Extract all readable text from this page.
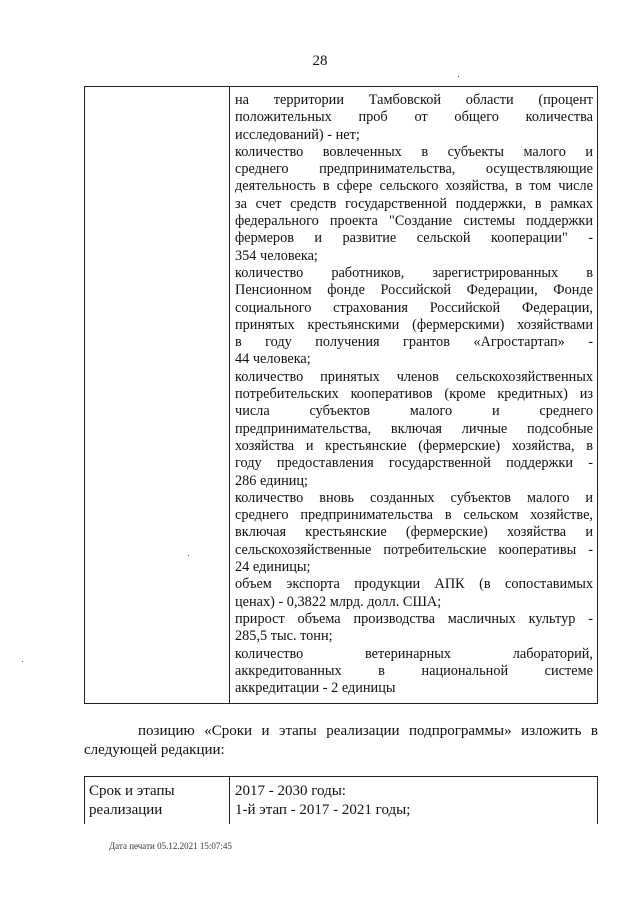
28
на территории Тамбовской области (процент
положительных проб от общего количества
исследований) - нет;
количество вовлеченных в субъекты малого и
среднего предпринимательства, осуществляющие
деятельность в сфере сельского хозяйства, в том числе
за счет средств государственной поддержки, в рамках
федерального проекта "Создание системы поддержки
фермеров и развитие сельской кооперации" -
354 человека;
количество работников, зарегистрированных в
Пенсионном фонде Российской Федерации, Фонде
социального страхования Российской Федерации,
принятых крестьянскими (фермерскими) хозяйствами
в году получения грантов «Агростартап» -
44 человека;
количество принятых членов сельскохозяйственных
потребительских кооперативов (кроме кредитных) из
числа субъектов малого и среднего
предпринимательства, включая личные подсобные
хозяйства и крестьянские (фермерские) хозяйства, в
году предоставления государственной поддержки -
286 единиц;
количество вновь созданных субъектов малого и
среднего предпринимательства в сельском хозяйстве,
включая крестьянские (фермерские) хозяйства и
сельскохозяйственные потребительские кооперативы -
24 единицы;
объем экспорта продукции АПК (в сопоставимых
ценах) - 0,3822 млрд. долл. США;
прирост объема производства масличных культур -
285,5 тыс. тонн;
количество ветеринарных лабораторий,
аккредитованных в национальной системе
аккредитации - 2 единицы
позицию «Сроки и этапы реализации подпрограммы» изложить в
следующей редакции:
Срок и этапы
реализации
2017 - 2030 годы:
1-й этап - 2017 - 2021 годы;
Дата печати 05.12.2021 15:07:45
